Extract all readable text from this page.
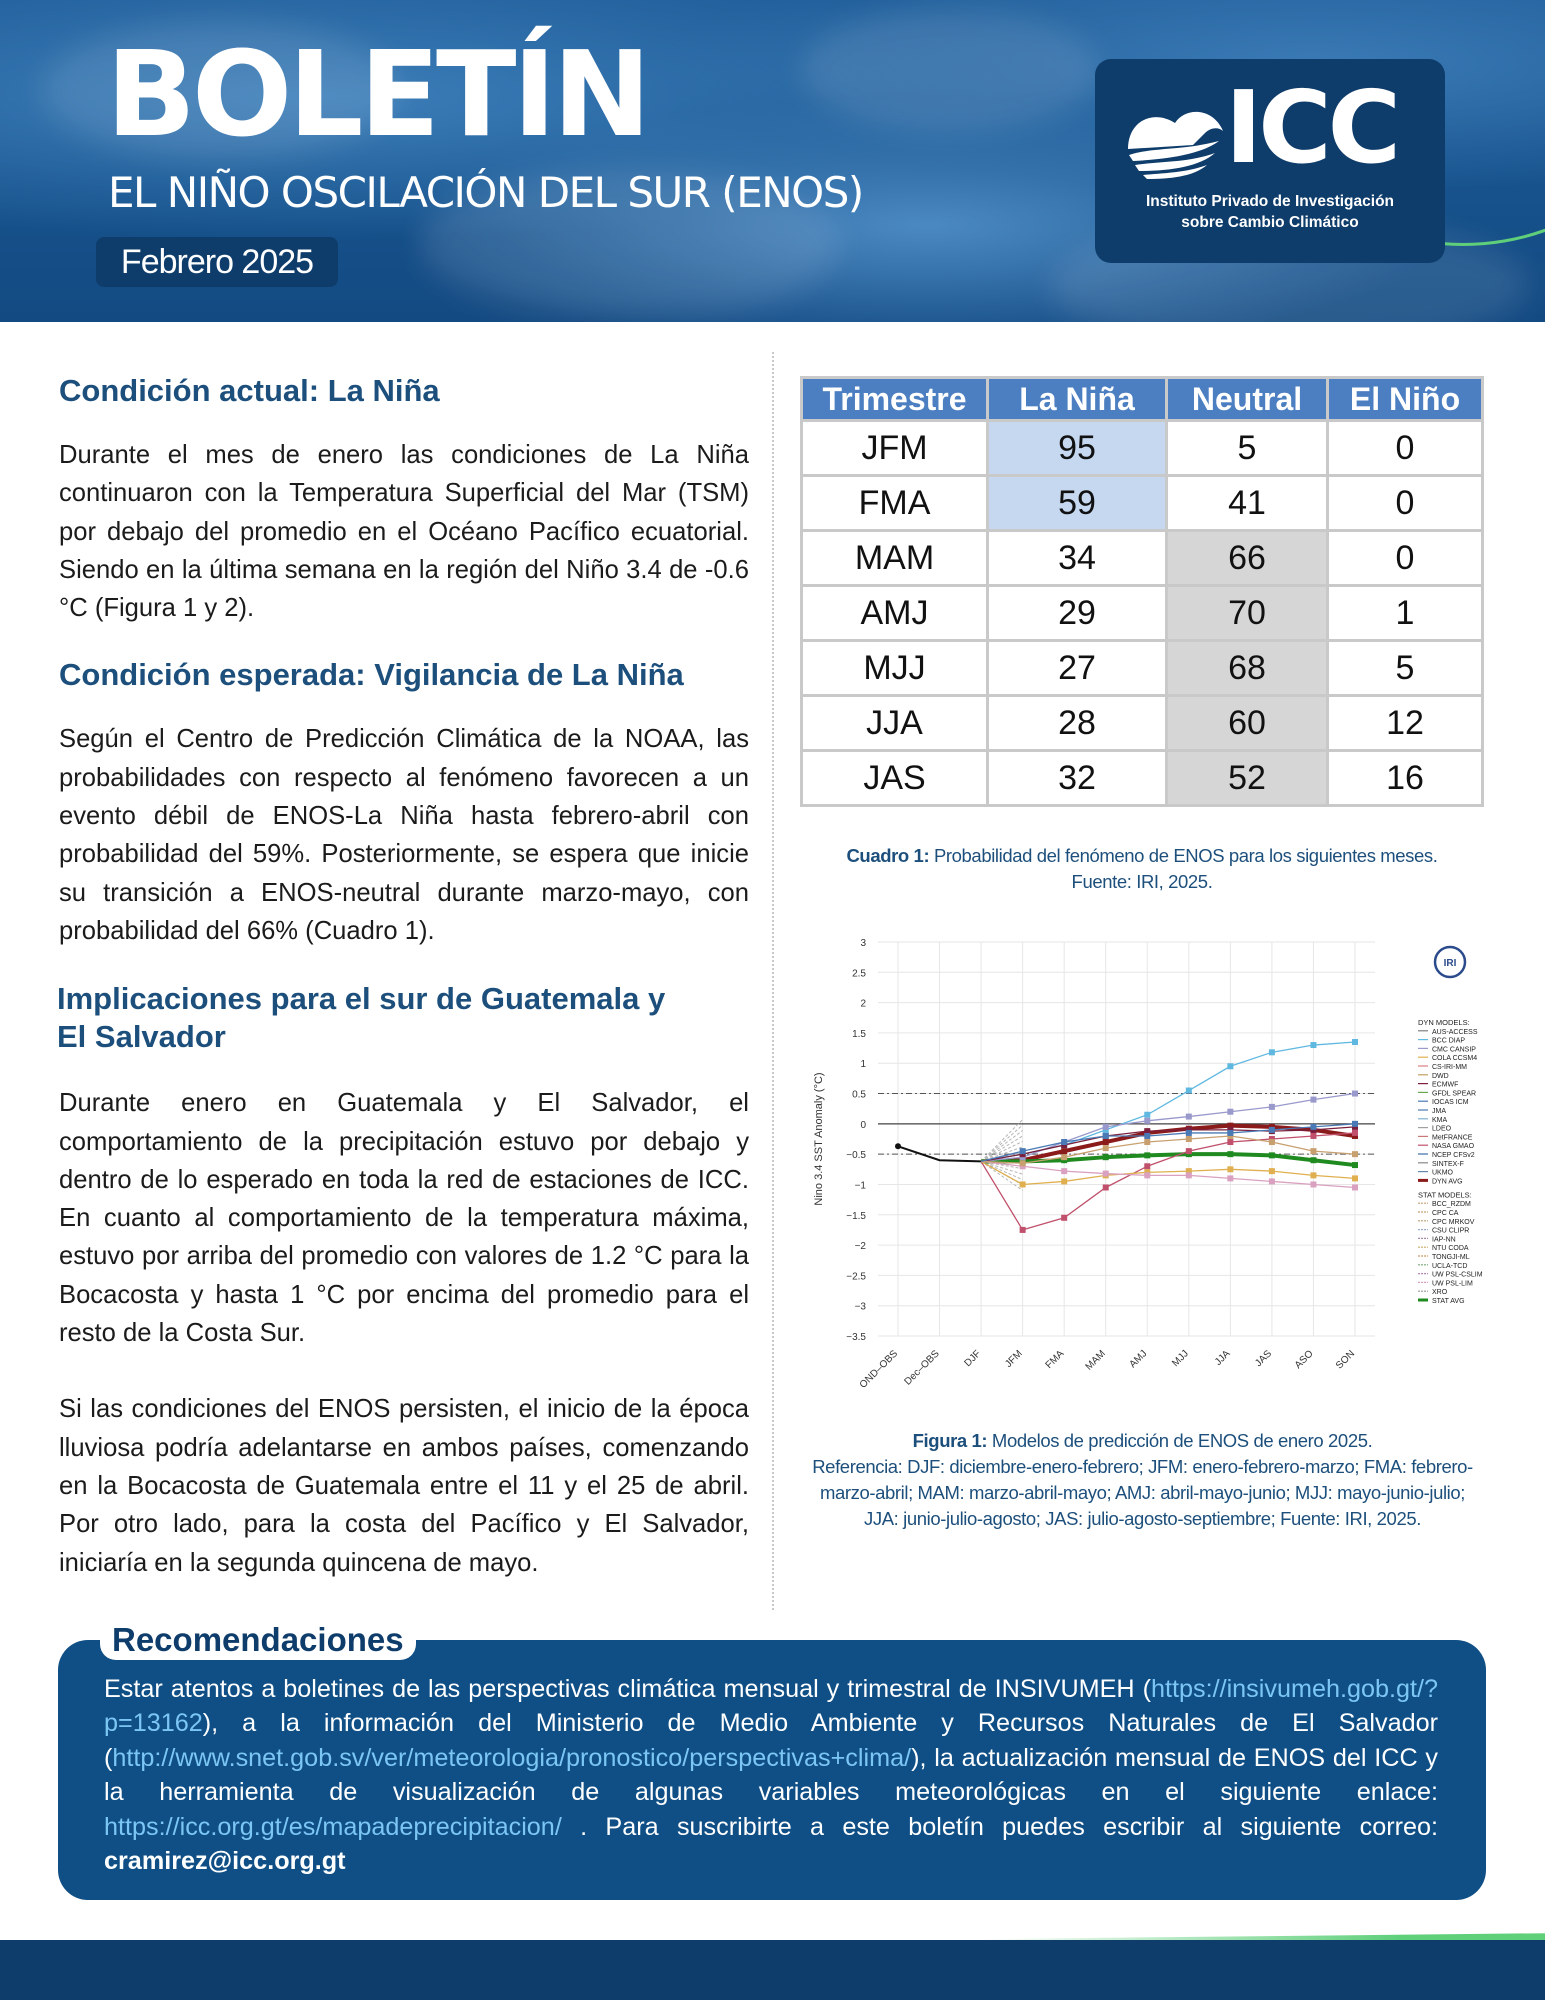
BOLETÍN
EL NIÑO OSCILACIÓN DEL SUR (ENOS)
Febrero 2025
ICC
Instituto Privado de Investigación
sobre Cambio Climático
Condición actual: La Niña

Durante el mes de enero las condiciones de La Niña continuaron con la Temperatura Superficial del Mar (TSM) por debajo del promedio en el Océano Pacífico ecuatorial. Siendo en la última semana en la región del Niño 3.4 de -0.6 °C (Figura 1 y 2).

Condición esperada: Vigilancia de La Niña

Según el Centro de Predicción Climática de la NOAA, las probabilidades con respecto al fenómeno favorecen a un evento débil de ENOS-La Niña hasta febrero-abril con probabilidad del 59%. Posteriormente, se espera que inicie su transición a ENOS-neutral durante marzo-mayo, con probabilidad del 66% (Cuadro 1).

Implicaciones para el sur de Guatemala y
El Salvador

Durante enero en Guatemala y El Salvador, el comportamiento de la precipitación estuvo por debajo y dentro de lo esperado en toda la red de estaciones de ICC. En cuanto al comportamiento de la temperatura máxima, estuvo por arriba del promedio con valores de 1.2 °C para la Bocacosta y hasta 1 °C por encima del promedio para el resto de la Costa Sur.

Si las condiciones del ENOS persisten, el inicio de la época lluviosa podría adelantarse en ambos países, comenzando en la Bocacosta de Guatemala entre el 11 y el 25 de abril. Por otro lado, para la costa del Pacífico y El Salvador, iniciaría en la segunda quincena de mayo.

Trimestre	La Niña	Neutral	El Niño
JFM	95	5	0
FMA	59	41	0
MAM	34	66	0
AMJ	29	70	1
MJJ	27	68	5
JJA	28	60	12
JAS	32	52	16
Cuadro 1: Probabilidad del fenómeno de ENOS para los siguientes meses.
Fuente: IRI, 2025.
3
2.5
2
1.5
1
0.5
0
−0.5
−1
−1.5
−2
−2.5
−3
−3.5
OND–OBS Dec–OBS DJF JFM FMA MAM AMJ MJJ JJA JAS ASO SON
Nino 3.4 SST Anomaly (°C)
IRI
DYN MODELS:
AUS-ACCESS
BCC DIAP
CMC CANSIP
COLA CCSM4
CS-IRI-MM
DWD
ECMWF
GFDL SPEAR
IOCAS ICM
JMA
KMA
LDEO
MetFRANCE
NASA GMAO
NCEP CFSv2
SINTEX-F
UKMO
DYN AVG
STAT MODELS:
BCC_RZDM
CPC CA
CPC MRKOV
CSU CLIPR
IAP-NN
NTU CODA
TONGJI-ML
UCLA-TCD
UW PSL-CSLIM
UW PSL-LIM
XRO
STAT AVG
Figura 1: Modelos de predicción de ENOS de enero 2025.
Referencia: DJF: diciembre-enero-febrero; JFM: enero-febrero-marzo; FMA: febrero-
marzo-abril; MAM: marzo-abril-mayo; AMJ: abril-mayo-junio; MJJ: mayo-junio-julio;
JJA: junio-julio-agosto; JAS: julio-agosto-septiembre; Fuente: IRI, 2025.
Recomendaciones
Estar atentos a boletines de las perspectivas climática mensual y trimestral de INSIVUMEH (https://insivumeh.gob.gt/?p=13162), a la información del Ministerio de Medio Ambiente y Recursos Naturales de El Salvador (http://www.snet.gob.sv/ver/meteorologia/pronostico/perspectivas+clima/), la actualización mensual de ENOS del ICC y la herramienta de visualización de algunas variables meteorológicas en el siguiente enlace: https://icc.org.gt/es/mapadeprecipitacion/ . Para suscribirte a este boletín puedes escribir al siguiente correo: cramirez@icc.org.gt
